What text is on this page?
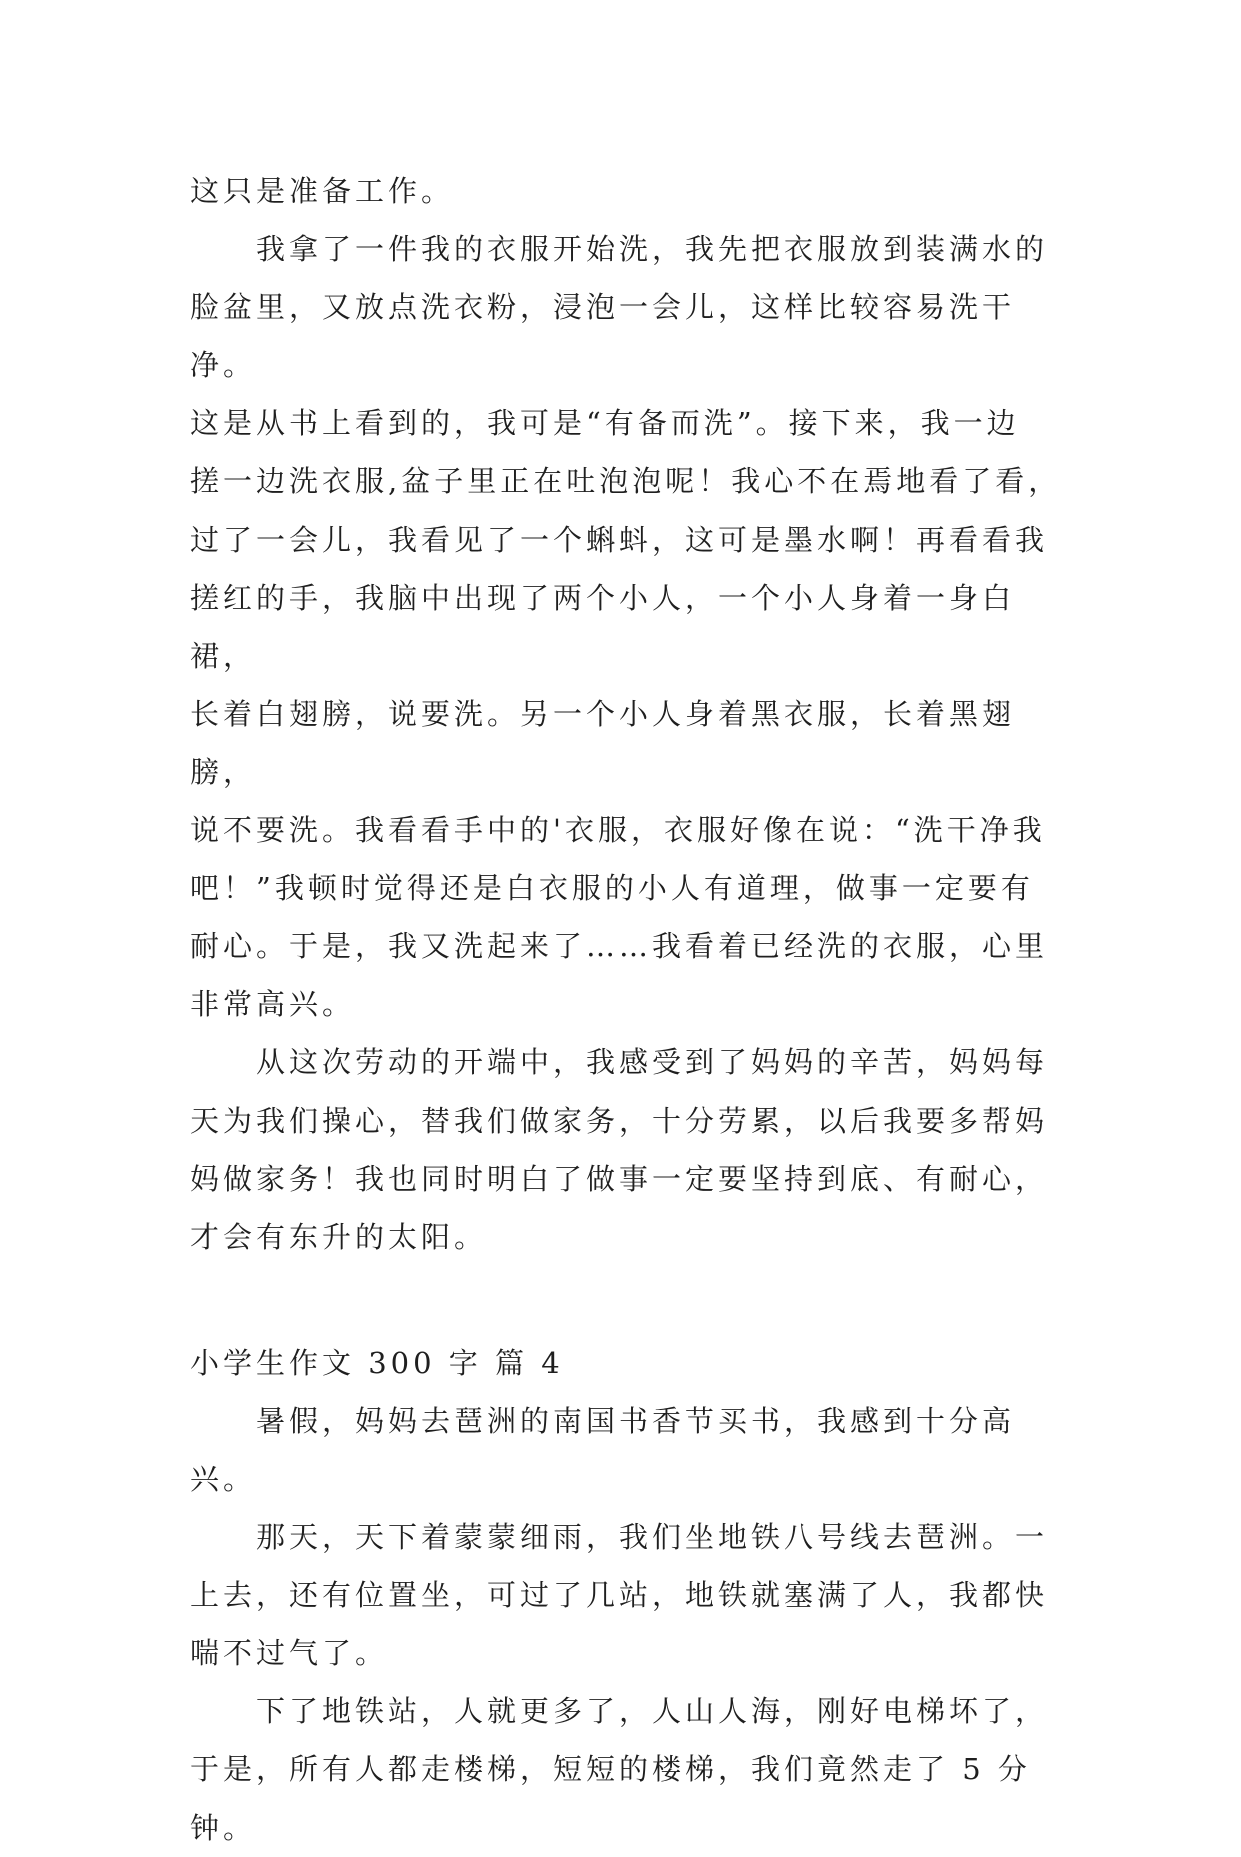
这只是准备工作。

　　我拿了一件我的衣服开始洗，我先把衣服放到装满水的
脸盆里，又放点洗衣粉，浸泡一会儿，这样比较容易洗干净。
这是从书上看到的，我可是“有备而洗”。接下来，我一边
搓一边洗衣服,盆子里正在吐泡泡呢！我心不在焉地看了看，
过了一会儿，我看见了一个蝌蚪，这可是墨水啊！再看看我
搓红的手，我脑中出现了两个小人，一个小人身着一身白裙，
长着白翅膀，说要洗。另一个小人身着黑衣服，长着黑翅膀，
说不要洗。我看看手中的'衣服，衣服好像在说：“洗干净我
吧！”我顿时觉得还是白衣服的小人有道理，做事一定要有
耐心。于是，我又洗起来了……我看着已经洗的衣服，心里
非常高兴。

　　从这次劳动的开端中，我感受到了妈妈的辛苦，妈妈每
天为我们操心，替我们做家务，十分劳累，以后我要多帮妈
妈做家务！我也同时明白了做事一定要坚持到底、有耐心，
才会有东升的太阳。

小学生作文 300 字 篇 4

　　暑假，妈妈去琶洲的南国书香节买书，我感到十分高兴。

　　那天，天下着蒙蒙细雨，我们坐地铁八号线去琶洲。一
上去，还有位置坐，可过了几站，地铁就塞满了人，我都快
喘不过气了。

　　下了地铁站，人就更多了，人山人海，刚好电梯坏了，
于是，所有人都走楼梯，短短的楼梯，我们竟然走了 5 分钟。
